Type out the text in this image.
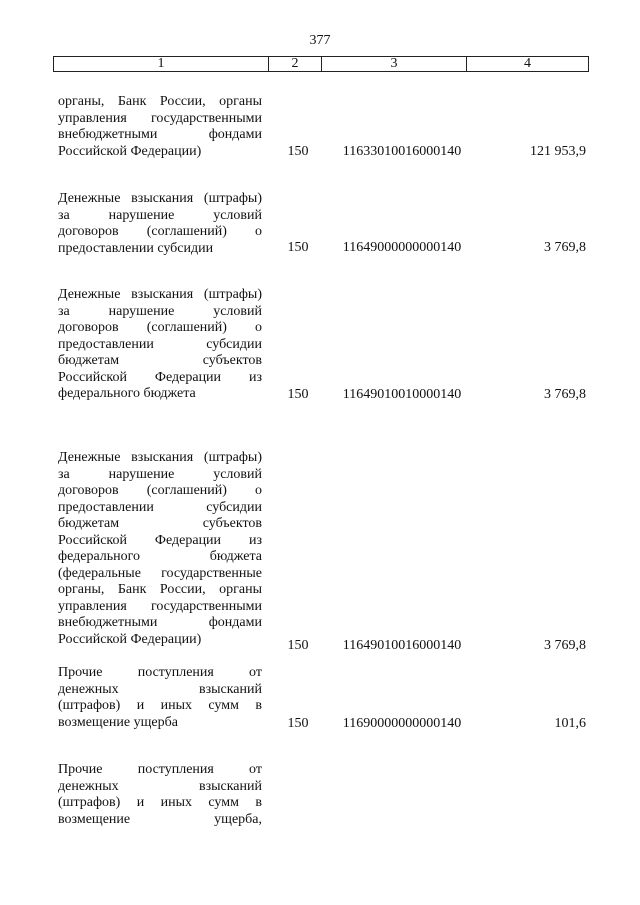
377
1	2	3	4
органы, Банк России, органы
управления государственными
внебюджетными фондами
Российской Федерации)	150	11633010016000140	121 953,9
Денежные взыскания (штрафы)
за нарушение условий
договоров (соглашений) о
предоставлении субсидии	150	11649000000000140	3 769,8
Денежные взыскания (штрафы)
за нарушение условий
договоров (соглашений) о
предоставлении субсидии
бюджетам субъектов
Российской Федерации из
федерального бюджета	150	11649010010000140	3 769,8
Денежные взыскания (штрафы)
за нарушение условий
договоров (соглашений) о
предоставлении субсидии
бюджетам субъектов
Российской Федерации из
федерального бюджета
(федеральные государственные
органы, Банк России, органы
управления государственными
внебюджетными фондами
Российской Федерации)	150	11649010016000140	3 769,8
Прочие поступления от
денежных взысканий
(штрафов) и иных сумм в
возмещение ущерба	150	11690000000000140	101,6
Прочие поступления от
денежных взысканий
(штрафов) и иных сумм в
возмещение ущерба,
